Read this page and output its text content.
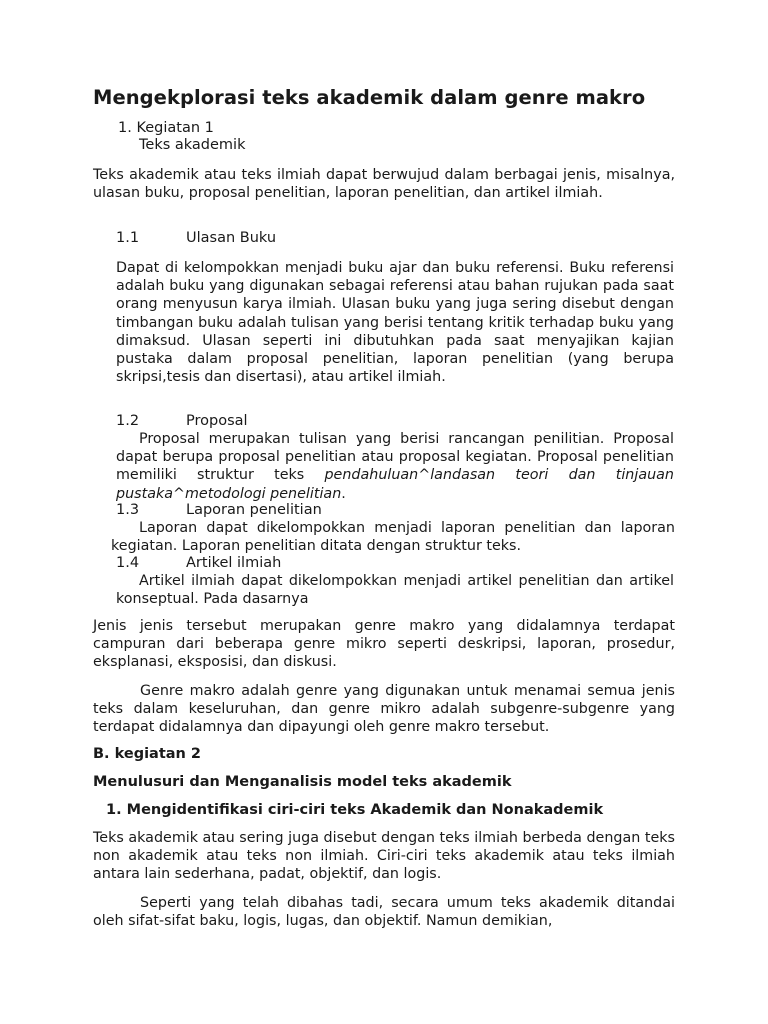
Mengekplorasi teks akademik dalam genre makro
1. Kegiatan 1
Teks akademik

Teks akademik atau teks ilmiah dapat berwujud dalam berbagai jenis, misalnya, ulasan buku, proposal penelitian, laporan penelitian, dan artikel ilmiah.

1.1	Ulasan Buku

Dapat di kelompokkan menjadi buku ajar dan buku referensi. Buku referensi adalah buku yang digunakan sebagai referensi atau bahan rujukan pada saat orang menyusun karya ilmiah. Ulasan buku yang juga sering disebut dengan timbangan buku adalah tulisan yang berisi tentang kritik terhadap buku yang dimaksud. Ulasan seperti ini dibutuhkan pada saat menyajikan kajian pustaka dalam proposal penelitian, laporan penelitian (yang berupa skripsi,tesis dan disertasi), atau artikel ilmiah.

1.2	Proposal

Proposal merupakan tulisan yang berisi rancangan penilitian. Proposal dapat berupa proposal penelitian atau proposal kegiatan. Proposal penelitian memiliki struktur teks pendahuluan^landasan teori dan tinjauan pustaka^metodologi penelitian.

1.3	Laporan penelitian

Laporan dapat dikelompokkan menjadi laporan penelitian dan laporan kegiatan. Laporan penelitian ditata dengan struktur teks.

1.4	Artikel ilmiah

Artikel ilmiah dapat dikelompokkan menjadi artikel penelitian dan artikel konseptual. Pada dasarnya

Jenis jenis tersebut merupakan genre makro yang didalamnya terdapat campuran dari beberapa genre mikro seperti deskripsi, laporan, prosedur, eksplanasi, eksposisi, dan diskusi.

Genre makro adalah genre yang digunakan untuk menamai semua jenis teks dalam keseluruhan, dan genre mikro adalah subgenre-subgenre yang terdapat didalamnya dan dipayungi oleh genre makro tersebut.

B. kegiatan 2
Menulusuri dan Menganalisis model teks akademik
1. Mengidentifikasi ciri-ciri teks Akademik dan Nonakademik

Teks akademik atau sering juga disebut dengan teks ilmiah berbeda dengan teks non akademik atau teks non ilmiah. Ciri-ciri teks akademik atau teks ilmiah antara lain sederhana, padat, objektif, dan logis.

Seperti yang telah dibahas tadi, secara umum teks akademik ditandai oleh sifat-sifat baku, logis, lugas, dan objektif. Namun demikian,
